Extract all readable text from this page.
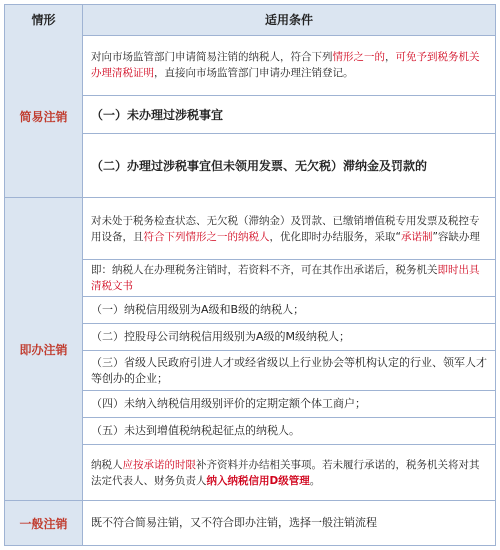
情形	适用条件
简易注销
对向市场监管部门申请简易注销的纳税人，符合下列情形之一的，可免予到税务机关办理清税证明，直接向市场监管部门申请办理注销登记。
（一）未办理过涉税事宜
（二）办理过涉税事宜但未领用发票、无欠税）滞纳金及罚款的
即办注销
对未处于税务检查状态、无欠税（滞纳金）及罚款、已缴销增值税专用发票及税控专用设备，且符合下列情形之一的纳税人，优化即时办结服务，采取“承诺制”容缺办理
即：纳税人在办理税务注销时，若资料不齐，可在其作出承诺后，税务机关即时出具清税文书
（一）纳税信用级别为A级和B级的纳税人；
（二）控股母公司纳税信用级别为A级的M级纳税人；
（三）省级人民政府引进人才或经省级以上行业协会等机构认定的行业、领军人才等创办的企业；
（四）未纳入纳税信用级别评价的定期定额个体工商户；
（五）未达到增值税纳税起征点的纳税人。
纳税人应按承诺的时限补齐资料并办结相关事项。若未履行承诺的，税务机关将对其法定代表人、财务负责人纳入纳税信用D级管理。
一般注销	既不符合简易注销，又不符合即办注销，选择一般注销流程
